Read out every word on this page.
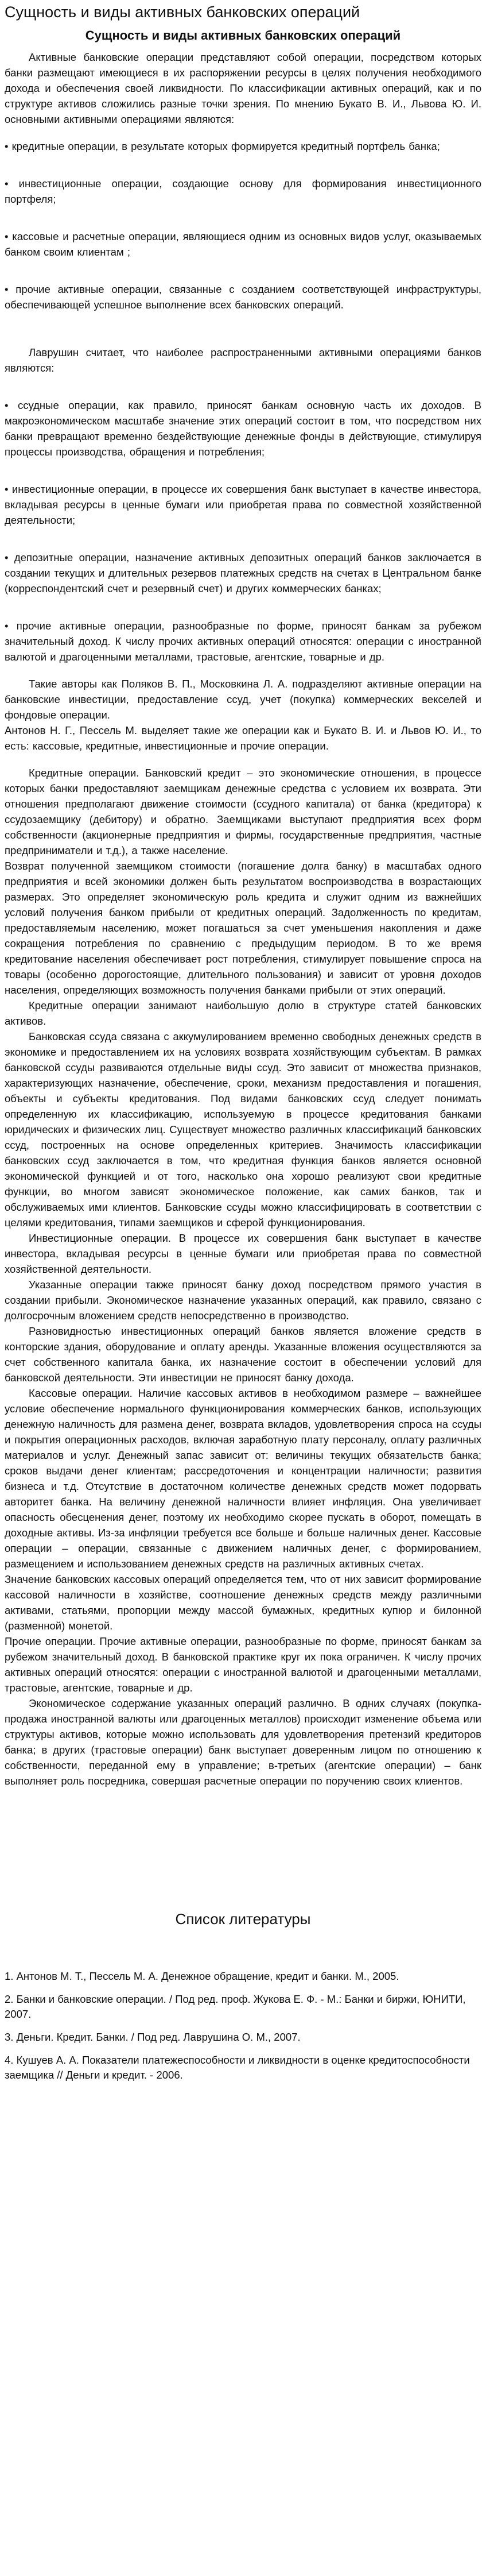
Сущность и виды активных банковских операций
Сущность и виды активных банковских операций

Активные банковские операции представляют собой операции, посредством которых банки размещают имеющиеся в их распоряжении ресурсы в целях получения необходимого дохода и обеспечения своей ликвидности. По классификации активных операций, как и по структуре активов сложились разные точки зрения. По мнению Букато В. И., Львова Ю. И. основными активными операциями являются:

• кредитные операции, в результате которых формируется кредитный портфель банка;

• инвестиционные операции, создающие основу для формирования инвестиционного портфеля;

• кассовые и расчетные операции, являющиеся одним из основных видов услуг, оказываемых банком своим клиентам ;

• прочие активные операции, связанные с созданием соответствующей инфраструктуры, обеспечивающей успешное выполнение всех банковских операций.

Лаврушин считает, что наиболее распространенными активными операциями банков являются:

• ссудные операции, как правило, приносят банкам основную часть их доходов. В макроэкономическом масштабе значение этих операций состоит в том, что посредством них банки превращают временно бездействующие денежные фонды в действующие, стимулируя процессы производства, обращения и потребления;

• инвестиционные операции, в процессе их совершения банк выступает в качестве инвестора, вкладывая ресурсы в ценные бумаги или приобретая права по совместной хозяйственной деятельности;

• депозитные операции, назначение активных депозитных операций банков заключается в создании текущих и длительных резервов платежных средств на счетах в Центральном банке (корреспондентский счет и резервный счет) и других коммерческих банках;

• прочие активные операции, разнообразные по форме, приносят банкам за рубежом значительный доход. К числу прочих активных операций относятся: операции с иностранной валютой и драгоценными металлами, трастовые, агентские, товарные и др.

Такие авторы как Поляков В. П., Московкина Л. А. подразделяют активные операции на банковские инвестиции, предоставление ссуд, учет (покупка) коммерческих векселей и фондовые операции.

Антонов Н. Г., Пессель М. выделяет такие же операции как и Букато В. И. и Львов Ю. И., то есть: кассовые, кредитные, инвестиционные и прочие операции.

Кредитные операции. Банковский кредит – это экономические отношения, в процессе которых банки предоставляют заемщикам денежные средства с условием их возврата. Эти отношения предполагают движение стоимости (ссудного капитала) от банка (кредитора) к ссудозаемщику (дебитору) и обратно. Заемщиками выступают предприятия всех форм собственности (акционерные предприятия и фирмы, государственные предприятия, частные предприниматели и т.д.), а также население.

Возврат полученной заемщиком стоимости (погашение долга банку) в масштабах одного предприятия и всей экономики должен быть результатом воспроизводства в возрастающих размерах. Это определяет экономическую роль кредита и служит одним из важнейших условий получения банком прибыли от кредитных операций. Задолженность по кредитам, предоставляемым населению, может погашаться за счет уменьшения накопления и даже сокращения потребления по сравнению с предыдущим периодом. В то же время кредитование населения обеспечивает рост потребления, стимулирует повышение спроса на товары (особенно дорогостоящие, длительного пользования) и зависит от уровня доходов населения, определяющих возможность получения банками прибыли от этих операций.

Кредитные операции занимают наибольшую долю в структуре статей банковских активов.

Банковская ссуда связана с аккумулированием временно свободных денежных средств в экономике и предоставлением их на условиях возврата хозяйствующим субъектам. В рамках банковской ссуды развиваются отдельные виды ссуд. Это зависит от множества признаков, характеризующих назначение, обеспечение, сроки, механизм предоставления и погашения, объекты и субъекты кредитования. Под видами банковских ссуд следует понимать определенную их классификацию, используемую в процессе кредитования банками юридических и физических лиц. Существует множество различных классификаций банковских ссуд, построенных на основе определенных критериев. Значимость классификации банковских ссуд заключается в том, что кредитная функция банков является основной экономической функцией и от того, насколько она хорошо реализуют свои кредитные функции, во многом зависят экономическое положение, как самих банков, так и обслуживаемых ими клиентов. Банковские ссуды можно классифицировать в соответствии с целями кредитования, типами заемщиков и сферой функционирования.

Инвестиционные операции. В процессе их совершения банк выступает в качестве инвестора, вкладывая ресурсы в ценные бумаги или приобретая права по совместной хозяйственной деятельности.

Указанные операции также приносят банку доход посредством прямого участия в создании прибыли. Экономическое назначение указанных операций, как правило, связано с долгосрочным вложением средств непосредственно в производство.

Разновидностью инвестиционных операций банков является вложение средств в конторские здания, оборудование и оплату аренды. Указанные вложения осуществляются за счет собственного капитала банка, их назначение состоит в обеспечении условий для банковской деятельности. Эти инвестиции не приносят банку дохода.

Кассовые операции. Наличие кассовых активов в необходимом размере – важнейшее условие обеспечение нормального функционирования коммерческих банков, использующих денежную наличность для размена денег, возврата вкладов, удовлетворения спроса на ссуды и покрытия операционных расходов, включая заработную плату персоналу, оплату различных материалов и услуг. Денежный запас зависит от: величины текущих обязательств банка; сроков выдачи денег клиентам; рассредоточения и концентрации наличности; развития бизнеса и т.д. Отсутствие в достаточном количестве денежных средств может подорвать авторитет банка. На величину денежной наличности влияет инфляция. Она увеличивает опасность обесценения денег, поэтому их необходимо скорее пускать в оборот, помещать в доходные активы. Из-за инфляции требуется все больше и больше наличных денег. Кассовые операции – операции, связанные с движением наличных денег, с формированием, размещением и использованием денежных средств на различных активных счетах.

Значение банковских кассовых операций определяется тем, что от них зависит формирование кассовой наличности в хозяйстве, соотношение денежных средств между различными активами, статьями, пропорции между массой бумажных, кредитных купюр и билонной (разменной) монетой.

Прочие операции. Прочие активные операции, разнообразные по форме, приносят банкам за рубежом значительный доход. В банковской практике круг их пока ограничен. К числу прочих активных операций относятся: операции с иностранной валютой и драгоценными металлами, трастовые, агентские, товарные и др.

Экономическое содержание указанных операций различно. В одних случаях (покупка-продажа иностранной валюты или драгоценных металлов) происходит изменение объема или структуры активов, которые можно использовать для удовлетворения претензий кредиторов банка; в других (трастовые операции) банк выступает доверенным лицом по отношению к собственности, переданной ему в управление; в-третьих (агентские операции) – банк выполняет роль посредника, совершая расчетные операции по поручению своих клиентов.

Список литературы

1. Антонов М. Т., Пессель М. А. Денежное обращение, кредит и банки. М., 2005.

2. Банки и банковские операции. / Под ред. проф. Жукова Е. Ф. - М.: Банки и биржи, ЮНИТИ, 2007.

3. Деньги. Кредит. Банки. / Под ред. Лаврушина О. М., 2007.

4. Кушуев А. А. Показатели платежеспособности и ликвидности в оценке кредитоспособности заемщика // Деньги и кредит. - 2006.
